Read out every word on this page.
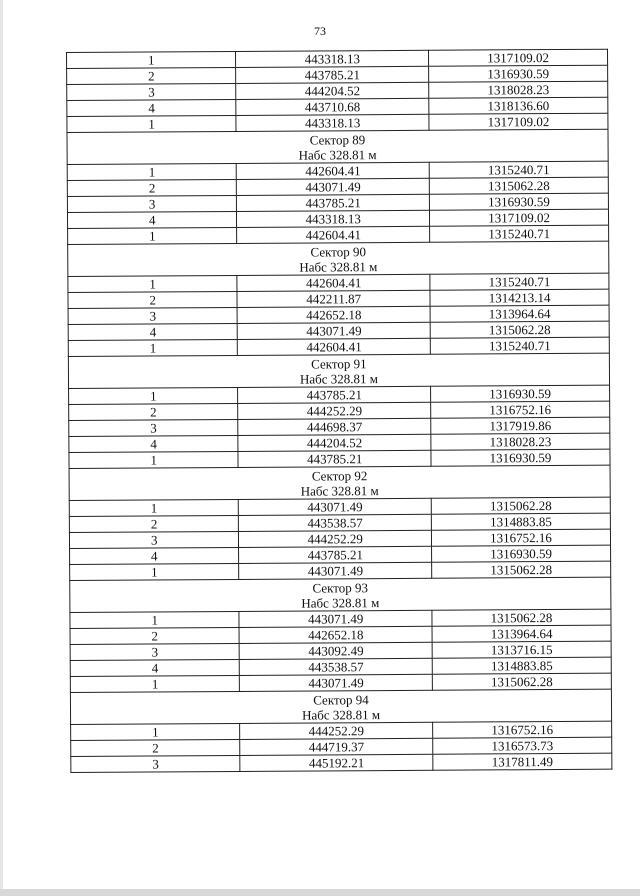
73
1	443318.13	1317109.02
2	443785.21	1316930.59
3	444204.52	1318028.23
4	443710.68	1318136.60
1	443318.13	1317109.02

Сектор 89
Набс 328.81 м		

1	442604.41	1315240.71
2	443071.49	1315062.28
3	443785.21	1316930.59
4	443318.13	1317109.02
1	442604.41	1315240.71

Сектор 90
Набс 328.81 м		

1	442604.41	1315240.71
2	442211.87	1314213.14
3	442652.18	1313964.64
4	443071.49	1315062.28
1	442604.41	1315240.71

Сектор 91
Набс 328.81 м		

1	443785.21	1316930.59
2	444252.29	1316752.16
3	444698.37	1317919.86
4	444204.52	1318028.23
1	443785.21	1316930.59

Сектор 92
Набс 328.81 м		

1	443071.49	1315062.28
2	443538.57	1314883.85
3	444252.29	1316752.16
4	443785.21	1316930.59
1	443071.49	1315062.28

Сектор 93
Набс 328.81 м		

1	443071.49	1315062.28
2	442652.18	1313964.64
3	443092.49	1313716.15
4	443538.57	1314883.85
1	443071.49	1315062.28

Сектор 94
Набс 328.81 м		

1	444252.29	1316752.16
2	444719.37	1316573.73
3	445192.21	1317811.49
